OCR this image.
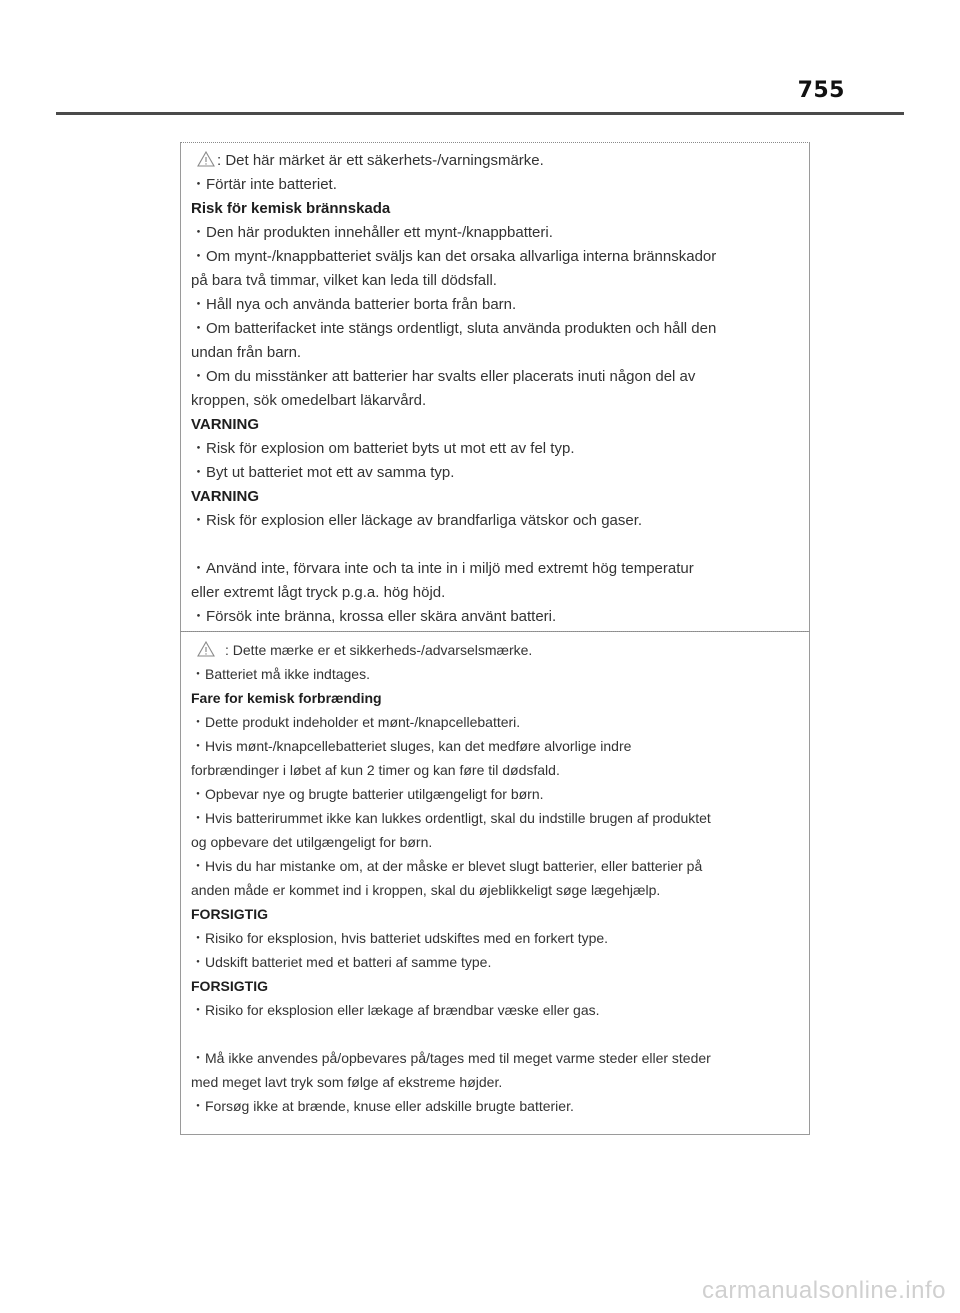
755
: Det här märket är ett säkerhets-/varningsmärke.
・Förtär inte batteriet.
Risk för kemisk brännskada
・Den här produkten innehåller ett mynt-/knappbatteri.
・Om mynt-/knappbatteriet sväljs kan det orsaka allvarliga interna brännskador
på bara två timmar, vilket kan leda till dödsfall.
・Håll nya och använda batterier borta från barn.
・Om batterifacket inte stängs ordentligt, sluta använda produkten och håll den
undan från barn.
・Om du misstänker att batterier har svalts eller placerats inuti någon del av
kroppen, sök omedelbart läkarvård.
VARNING
・Risk för explosion om batteriet byts ut mot ett av fel typ.
・Byt ut batteriet mot ett av samma typ.
VARNING
・Risk för explosion eller läckage av brandfarliga vätskor och gaser.
・Använd inte, förvara inte och ta inte in i miljö med extremt hög temperatur
eller extremt lågt tryck p.g.a. hög höjd.
・Försök inte bränna, krossa eller skära använt batteri.
: Dette mærke er et sikkerheds-/advarselsmærke.
・Batteriet må ikke indtages.
Fare for kemisk forbrænding
・Dette produkt indeholder et mønt-/knapcellebatteri.
・Hvis mønt-/knapcellebatteriet sluges, kan det medføre alvorlige indre
forbrændinger i løbet af kun 2 timer og kan føre til dødsfald.
・Opbevar nye og brugte batterier utilgængeligt for børn.
・Hvis batterirummet ikke kan lukkes ordentligt, skal du indstille brugen af produktet
og opbevare det utilgængeligt for børn.
・Hvis du har mistanke om, at der måske er blevet slugt batterier, eller batterier på
anden måde er kommet ind i kroppen, skal du øjeblikkeligt søge lægehjælp.
FORSIGTIG
・Risiko for eksplosion, hvis batteriet udskiftes med en forkert type.
・Udskift batteriet med et batteri af samme type.
FORSIGTIG
・Risiko for eksplosion eller lækage af brændbar væske eller gas.
・Må ikke anvendes på/opbevares på/tages med til meget varme steder eller steder
med meget lavt tryk som følge af ekstreme højder.
・Forsøg ikke at brænde, knuse eller adskille brugte batterier.
carmanualsonline.info
